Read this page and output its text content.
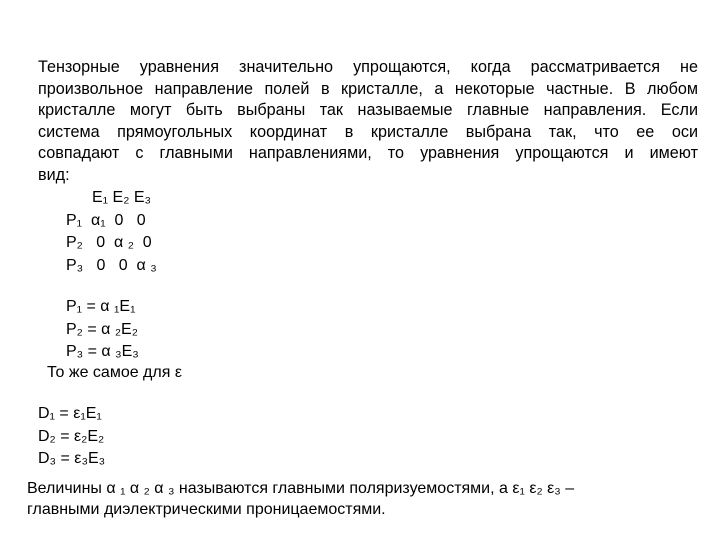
Тензорные уравнения значительно упрощаются, когда рассматривается не
произвольное направление полей в кристалле, а некоторые частные. В любом
кристалле могут быть выбраны так называемые главные направления. Если
система прямоугольных координат в кристалле выбрана так, что ее оси
совпадают с главными направлениями, то уравнения упрощаются и имеют
вид:
E₁ E₂ E₃
P₁  α₁  0   0
P₂   0  α ₂  0
P₃   0   0  α ₃
P₁ = α ₁E₁
P₂ = α ₂E₂
P₃ = α ₃E₃
То же самое для ε
D₁ = ε₁E₁
D₂ = ε₂E₂
D₃ = ε₃E₃
Величины α ₁ α ₂ α ₃ называются главными поляризуемостями, а ε₁ ε₂ ε₃ –
главными диэлектрическими проницаемостями.
